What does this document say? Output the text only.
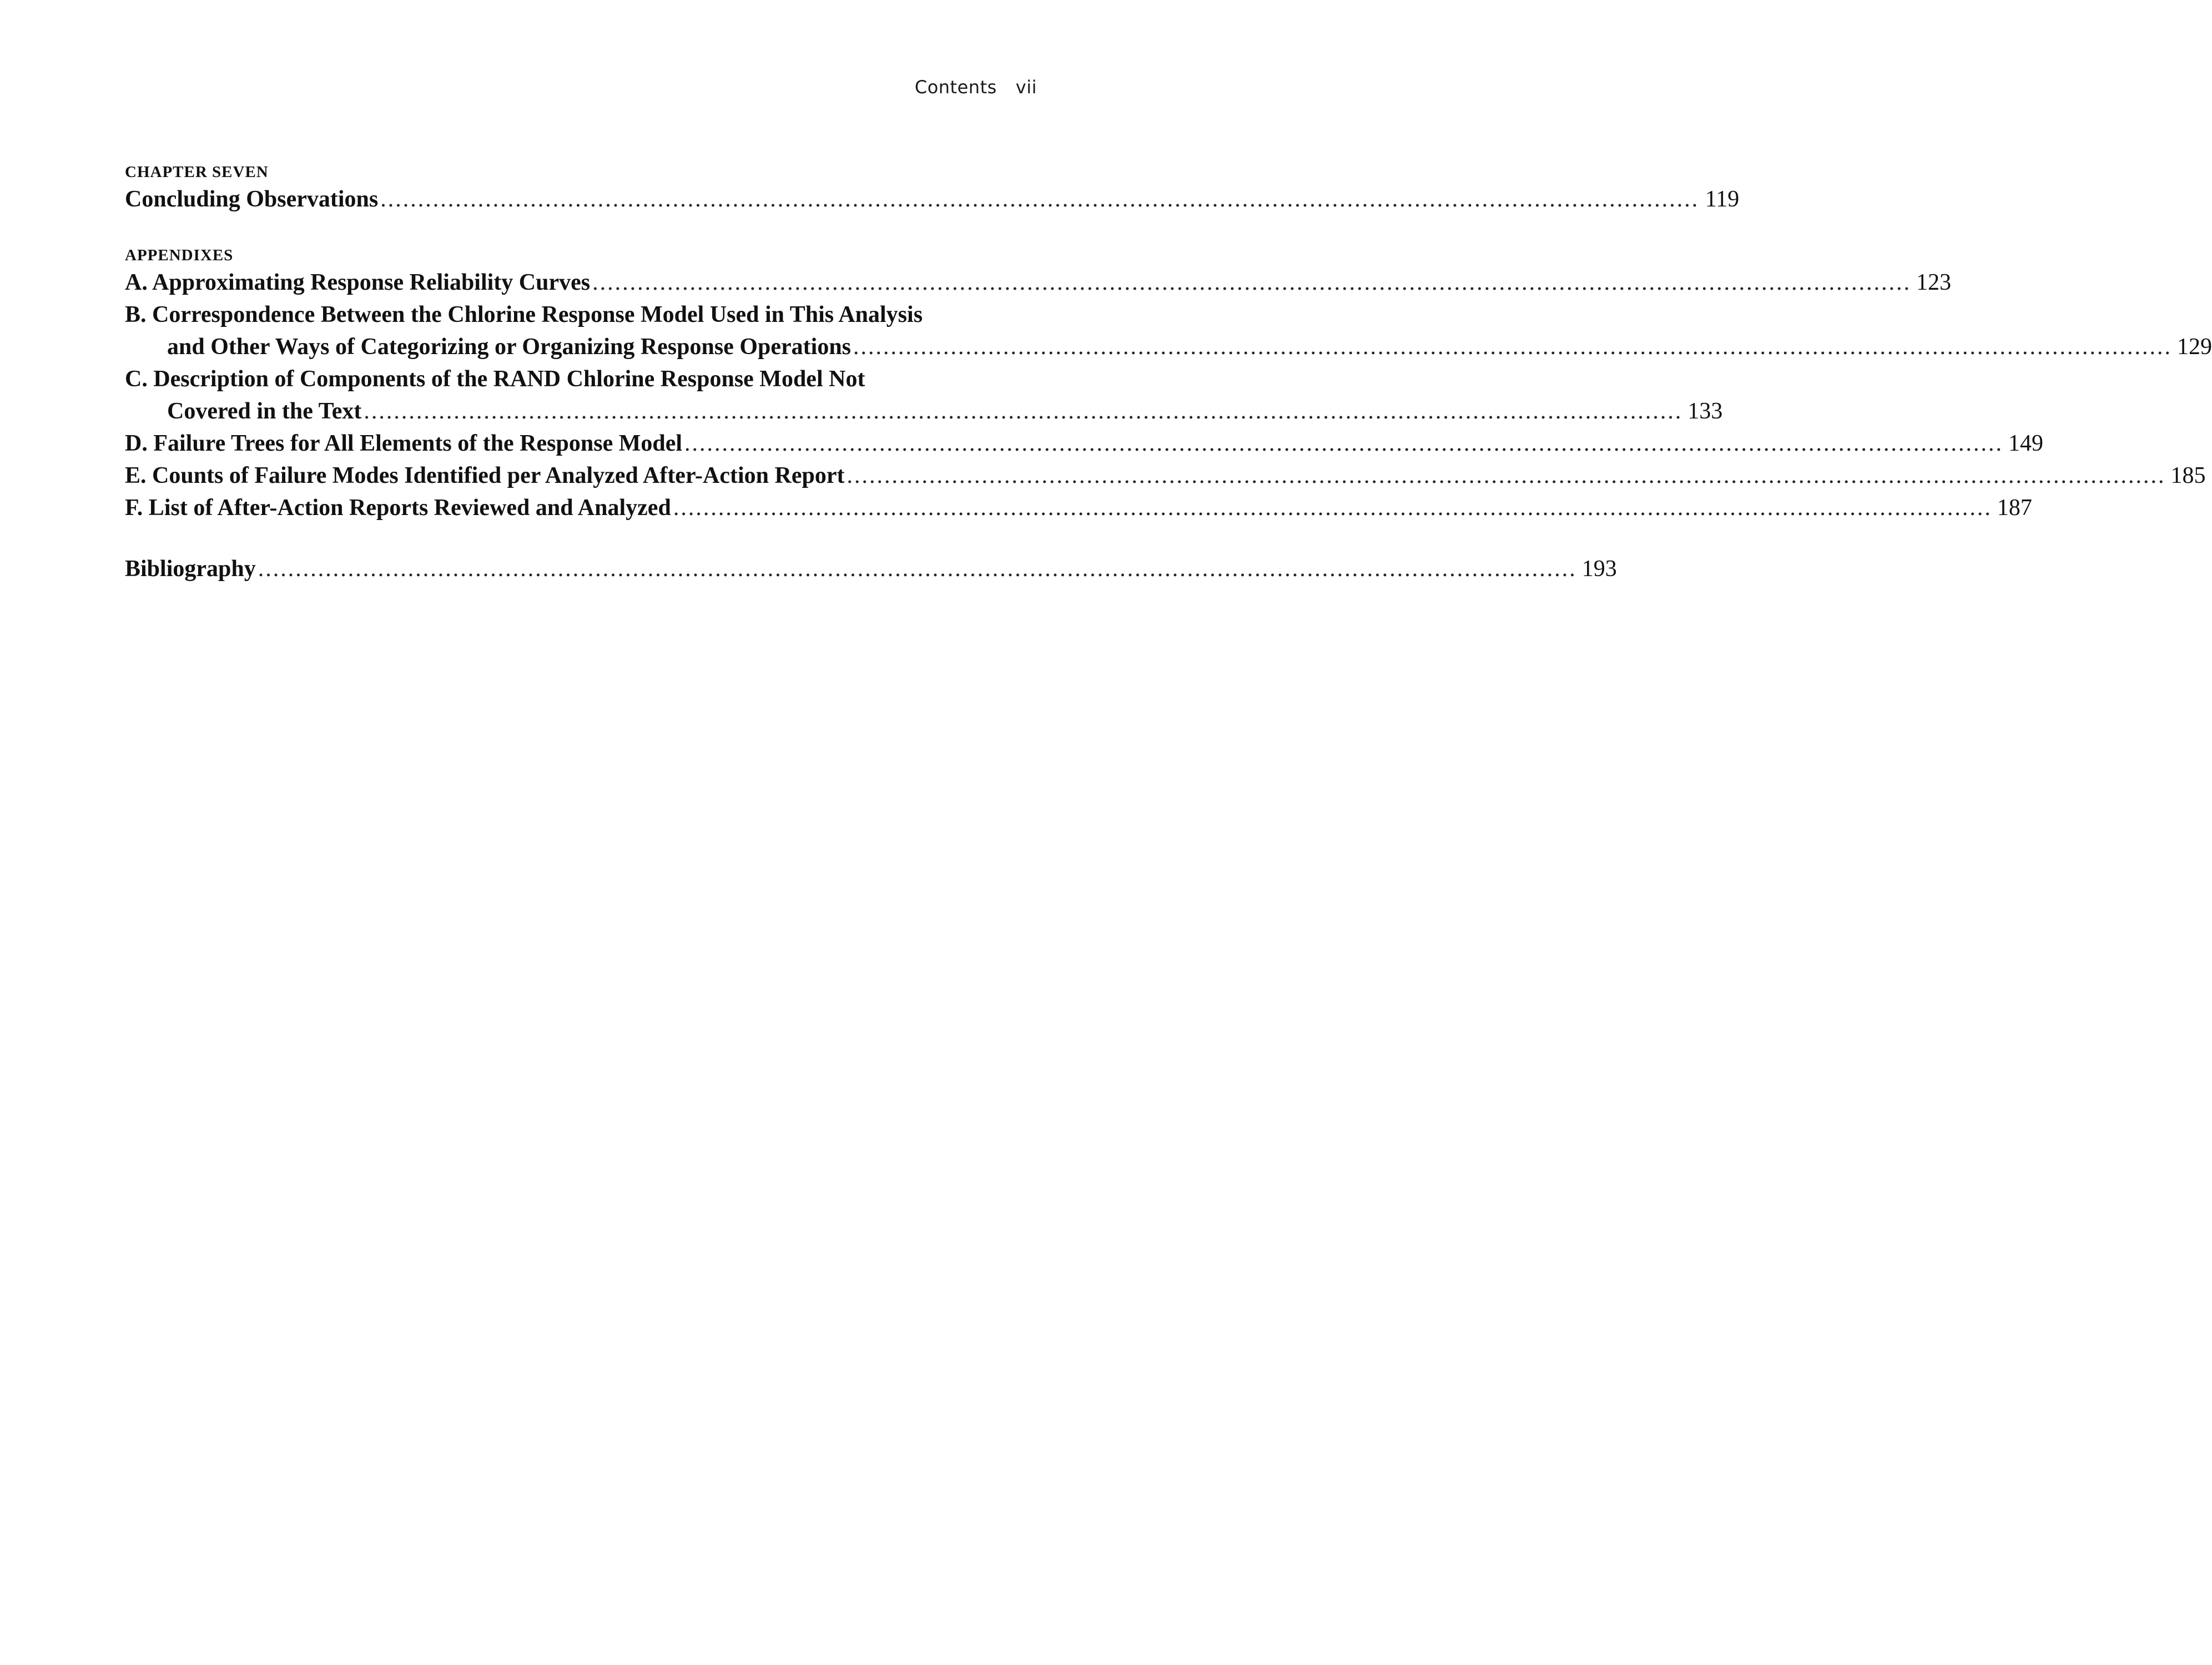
Contents vii
CHAPTER SEVEN
Concluding Observations ................................................................................................................................................................................ 119
APPENDIXES
A. Approximating Response Reliability Curves ................................................................................................................................................................................ 123
B. Correspondence Between the Chlorine Response Model Used in This Analysis
and Other Ways of Categorizing or Organizing Response Operations ................................................................................................................................................................................ 129
C. Description of Components of the RAND Chlorine Response Model Not
Covered in the Text ................................................................................................................................................................................ 133
D. Failure Trees for All Elements of the Response Model ................................................................................................................................................................................ 149
E. Counts of Failure Modes Identified per Analyzed After-Action Report ................................................................................................................................................................................ 185
F. List of After-Action Reports Reviewed and Analyzed ................................................................................................................................................................................ 187
Bibliography ................................................................................................................................................................................ 193
